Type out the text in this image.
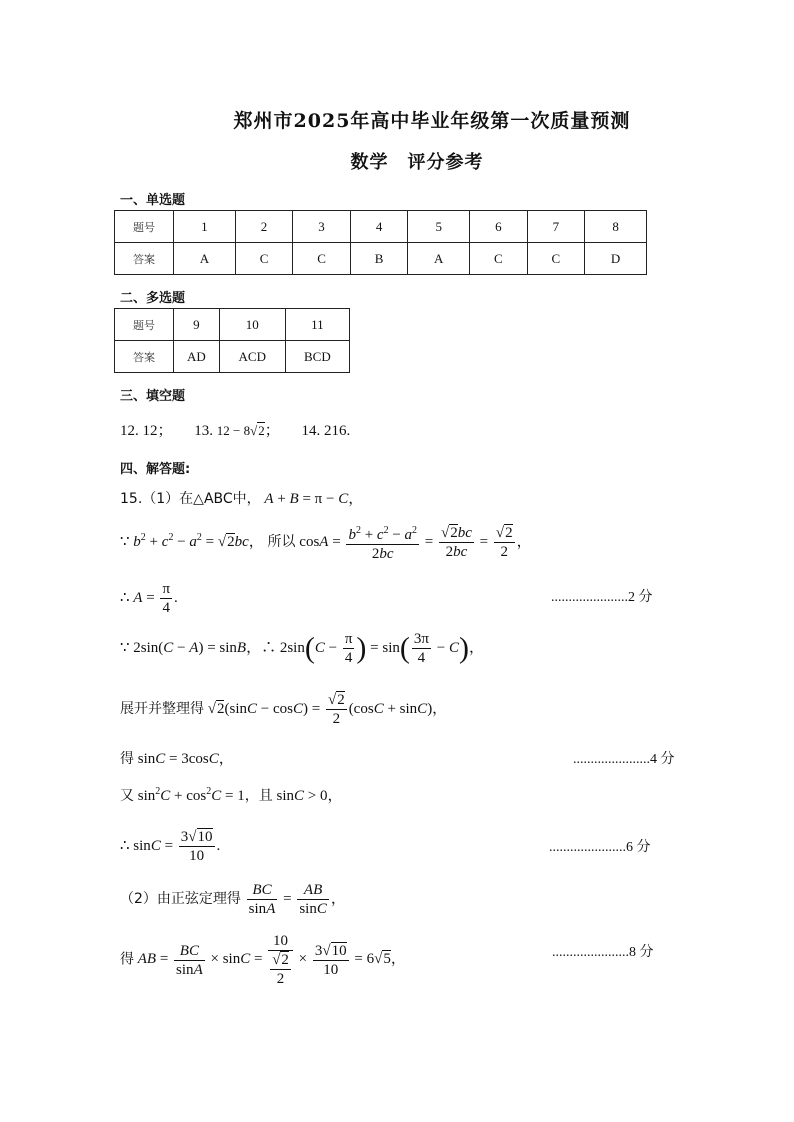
郑州市2025年高中毕业年级第一次质量预测
数学　评分参考
一、单选题
题号	1	2	3	4	5	6	7	8
答案	A	C	C	B	A	C	C	D
二、多选题
题号	9	10	11
答案	AD	ACD	BCD
三、填空题
12. 12； 13. 12 − 8√2； 14. 216.
四、解答题:
15.（1）在△ABC中， A + B = π − C，
∵ $b^2 + c^2 - a^2 = √2bc$， 所以 $\cos A = \frac{b^2 + c^2 - a^2}{2bc} = \frac{√2bc}{2bc} = \frac{√2}{2}$ ，
∴ $A = \frac{\pi}{4}$ .	......................2 分
∵ 2sin(C − A) = sinB，∴ $2\sin(C - \frac{\pi}{4}$ ) = $\sin( \frac{3\pi}{4} - C)$，
展开并整理得 $√2(\sin C - \cos C) = \frac{√2}{2} (\cos C + \sin C)$，
得 sinC = 3cosC，	......................4 分
又 $\sin^2C + \cos^2C = 1$，且 sinC > 0，
∴ $\sin C = \frac{3√10}{10}$ .	......................6 分
（2）由正弦定理得 $\frac{BC}{\sin A} = \frac{AB}{\sin C}$ ，
得 AB = $\frac{BC}{\sin A} \times \sin C = \frac{10}{\frac{√2}{2}} \times \frac{3√10}{10} = 6√5$，	......................8 分
